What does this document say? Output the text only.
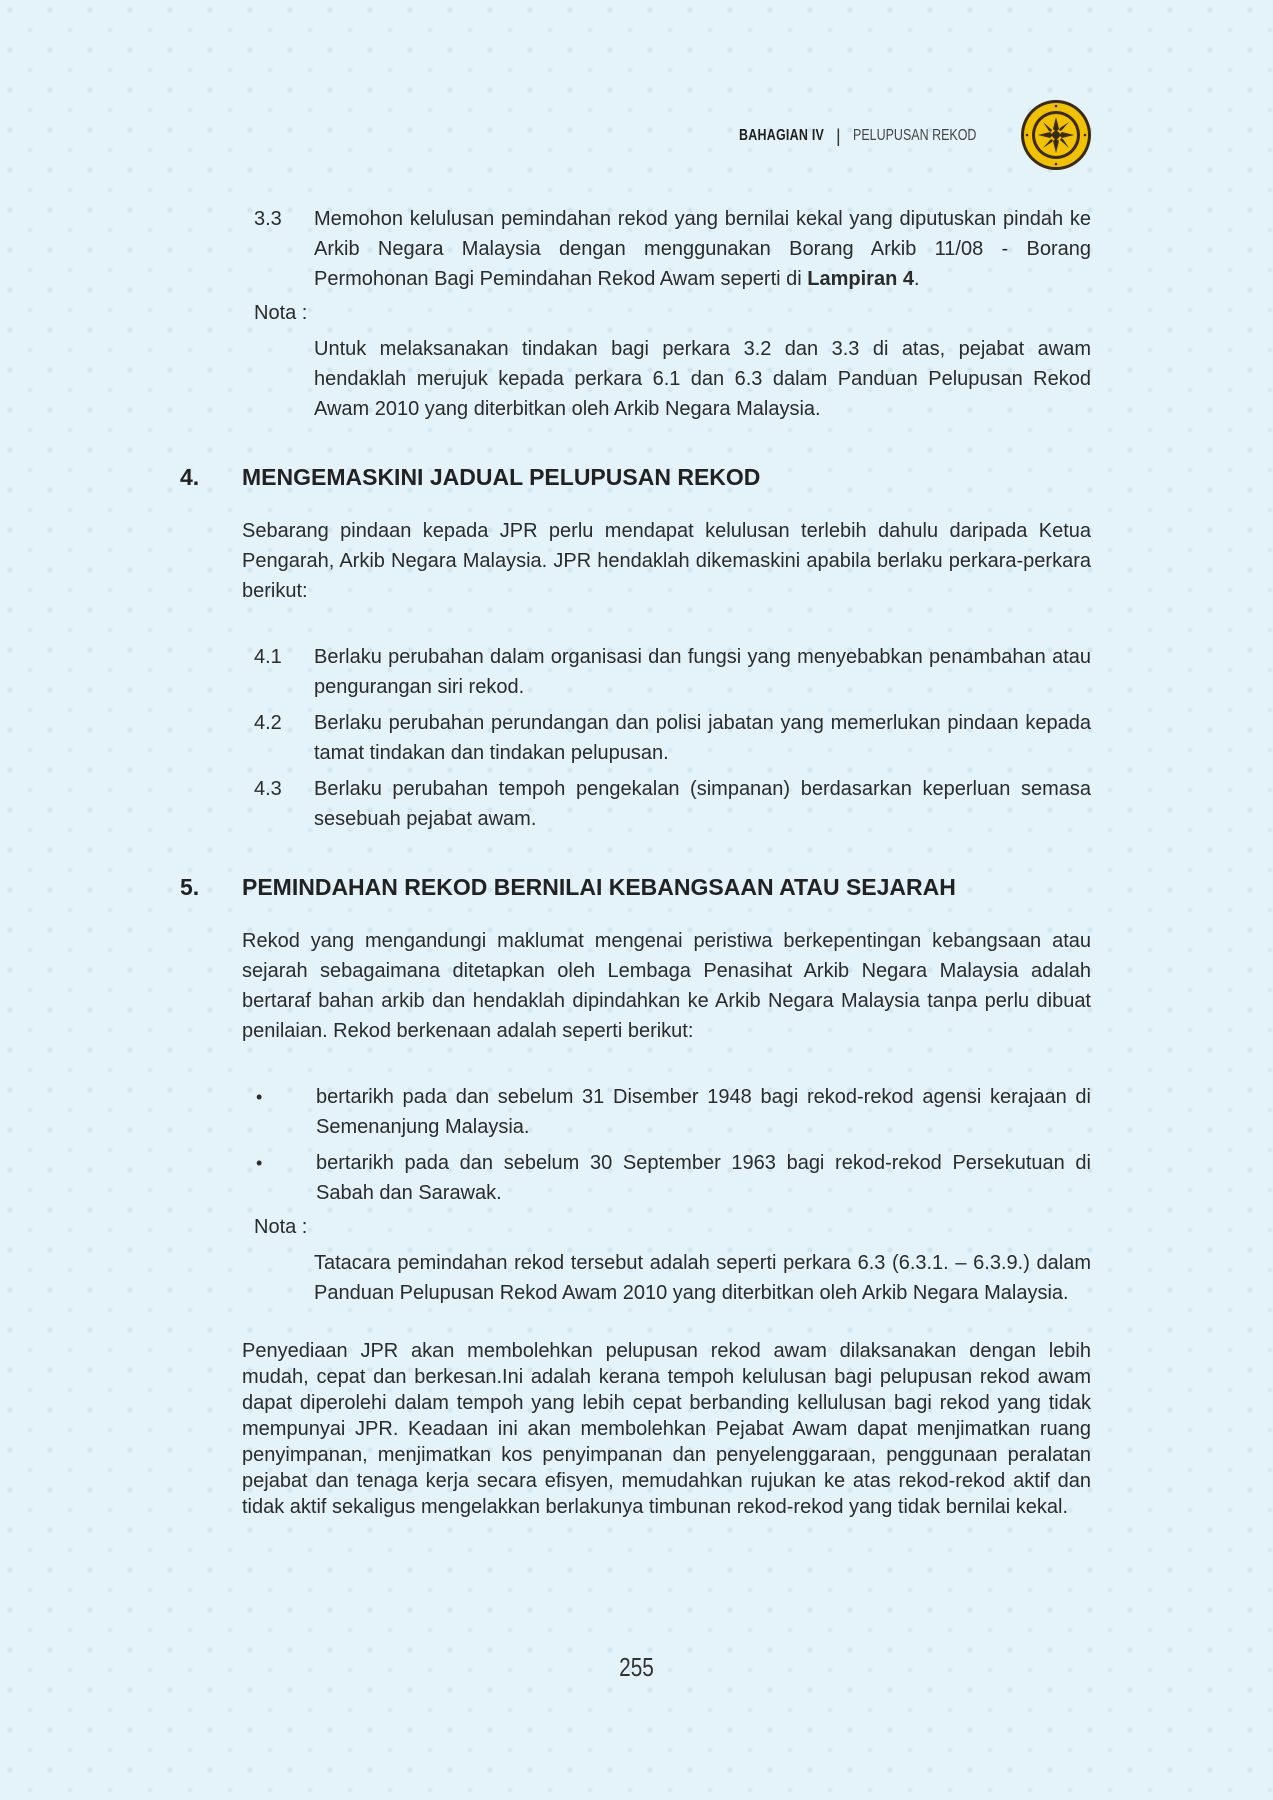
BAHAGIAN IV | PELUPUSAN REKOD
3.3	Memohon kelulusan pemindahan rekod yang bernilai kekal yang diputuskan pindah ke Arkib Negara Malaysia dengan menggunakan Borang Arkib 11/08 - Borang Permohonan Bagi Pemindahan Rekod Awam seperti di Lampiran 4.
Nota :
Untuk melaksanakan tindakan bagi perkara 3.2 dan 3.3 di atas, pejabat awam hendaklah merujuk kepada perkara 6.1 dan 6.3 dalam Panduan Pelupusan Rekod Awam 2010 yang diterbitkan oleh Arkib Negara Malaysia.
4.	MENGEMASKINI JADUAL PELUPUSAN REKOD
Sebarang pindaan kepada JPR perlu mendapat kelulusan terlebih dahulu daripada Ketua Pengarah, Arkib Negara Malaysia. JPR hendaklah dikemaskini apabila berlaku perkara-perkara berikut:
4.1	Berlaku perubahan dalam organisasi dan fungsi yang menyebabkan penambahan atau pengurangan siri rekod.
4.2	Berlaku perubahan perundangan dan polisi jabatan yang memerlukan pindaan kepada tamat tindakan dan tindakan pelupusan.
4.3	Berlaku perubahan tempoh pengekalan (simpanan) berdasarkan keperluan semasa sesebuah pejabat awam.
5.	PEMINDAHAN REKOD BERNILAI KEBANGSAAN ATAU SEJARAH
Rekod yang mengandungi maklumat mengenai peristiwa berkepentingan kebangsaan atau sejarah sebagaimana ditetapkan oleh Lembaga Penasihat Arkib Negara Malaysia adalah bertaraf bahan arkib dan hendaklah dipindahkan ke Arkib Negara Malaysia tanpa perlu dibuat penilaian. Rekod berkenaan adalah seperti berikut:
•	bertarikh pada dan sebelum 31 Disember 1948 bagi rekod-rekod agensi kerajaan di Semenanjung Malaysia.
•	bertarikh pada dan sebelum 30 September 1963 bagi rekod-rekod Persekutuan di Sabah dan Sarawak.
Nota :
Tatacara pemindahan rekod tersebut adalah seperti perkara 6.3 (6.3.1. – 6.3.9.) dalam Panduan Pelupusan Rekod Awam 2010 yang diterbitkan oleh Arkib Negara Malaysia.
Penyediaan JPR akan membolehkan pelupusan rekod awam dilaksanakan dengan lebih mudah, cepat dan berkesan.Ini adalah kerana tempoh kelulusan bagi pelupusan rekod awam dapat diperolehi dalam tempoh yang lebih cepat berbanding kellulusan bagi rekod yang tidak mempunyai JPR. Keadaan ini akan membolehkan Pejabat Awam dapat menjimatkan ruang penyimpanan, menjimatkan kos penyimpanan dan penyelenggaraan, penggunaan peralatan pejabat dan tenaga kerja secara efisyen, memudahkan rujukan ke atas rekod-rekod aktif dan tidak aktif sekaligus mengelakkan berlakunya timbunan rekod-rekod yang tidak bernilai kekal.
255
